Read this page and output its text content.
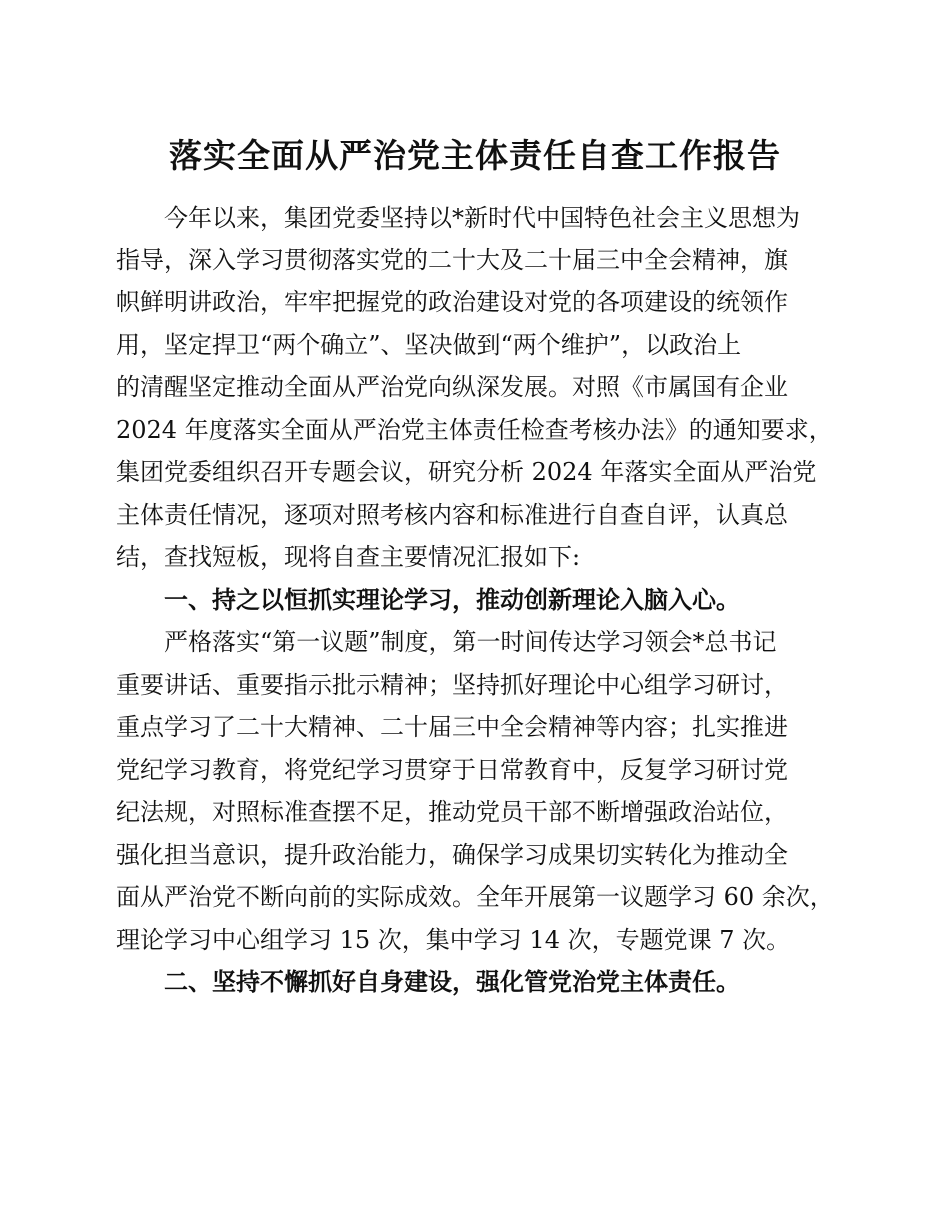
落实全面从严治党主体责任自查工作报告
今年以来，集团党委坚持以*新时代中国特色社会主义思想为
指导，深入学习贯彻落实党的二十大及二十届三中全会精神，旗
帜鲜明讲政治，牢牢把握党的政治建设对党的各项建设的统领作
用，坚定捍卫“两个确立”、坚决做到“两个维护”，以政治上
的清醒坚定推动全面从严治党向纵深发展。对照《市属国有企业
2024 年度落实全面从严治党主体责任检查考核办法》的通知要求，
集团党委组织召开专题会议，研究分析 2024 年落实全面从严治党
主体责任情况，逐项对照考核内容和标准进行自查自评，认真总
结，查找短板，现将自查主要情况汇报如下:
一、持之以恒抓实理论学习，推动创新理论入脑入心。
严格落实“第一议题”制度，第一时间传达学习领会*总书记
重要讲话、重要指示批示精神；坚持抓好理论中心组学习研讨，
重点学习了二十大精神、二十届三中全会精神等内容；扎实推进
党纪学习教育，将党纪学习贯穿于日常教育中，反复学习研讨党
纪法规，对照标准查摆不足，推动党员干部不断增强政治站位，
强化担当意识，提升政治能力，确保学习成果切实转化为推动全
面从严治党不断向前的实际成效。全年开展第一议题学习 60 余次，
理论学习中心组学习 15 次，集中学习 14 次，专题党课 7 次。
二、坚持不懈抓好自身建设，强化管党治党主体责任。
